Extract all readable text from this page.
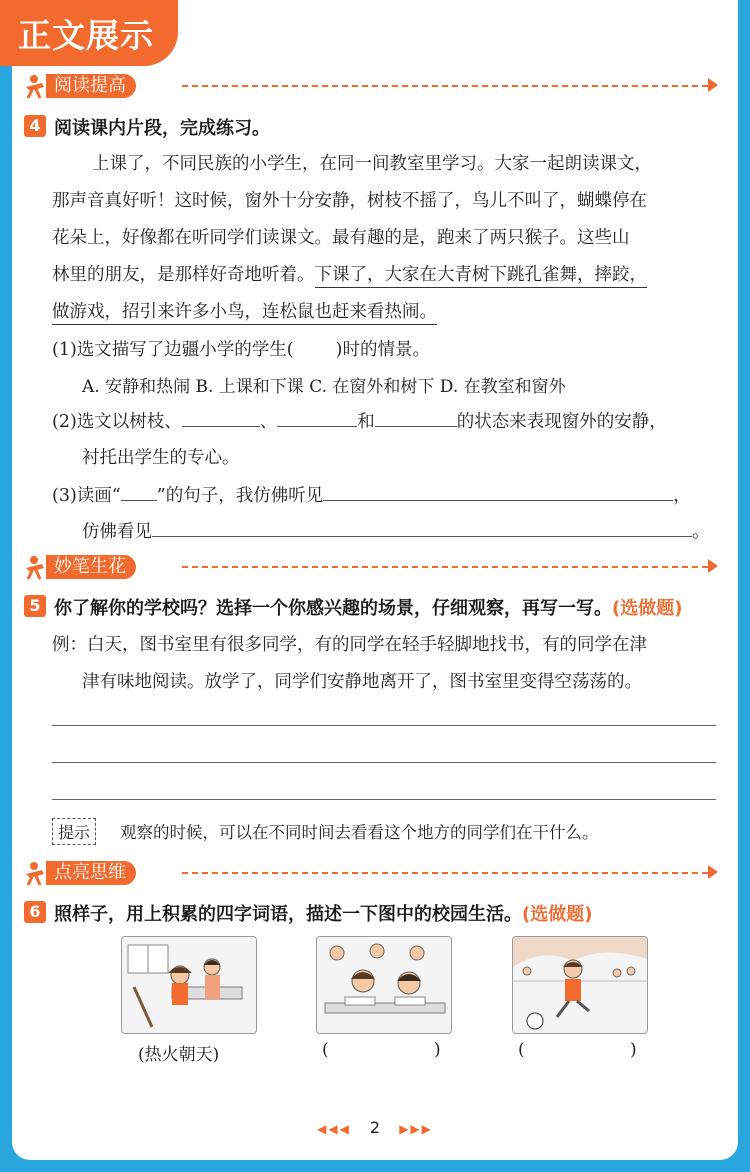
正文展示
阅读提高
4 阅读课内片段，完成练习。
上课了，不同民族的小学生，在同一间教室里学习。大家一起朗读课文，
那声音真好听！这时候，窗外十分安静，树枝不摇了，鸟儿不叫了，蝴蝶停在
花朵上，好像都在听同学们读课文。最有趣的是，跑来了两只猴子。这些山
林里的朋友，是那样好奇地听着。下课了，大家在大青树下跳孔雀舞，摔跤，
做游戏，招引来许多小鸟，连松鼠也赶来看热闹。
(1)选文描写了边疆小学的学生( )时的情景。
A. 安静和热闹 B. 上课和下课 C. 在窗外和树下 D. 在教室和窗外
(2)选文以树枝、	、	和	的状态来表现窗外的安静，
衬托出学生的专心。
(3)读画“ ”的句子，我仿佛听见	，
仿佛看见	。
妙笔生花
5 你了解你的学校吗？选择一个你感兴趣的场景，仔细观察，再写一写。(选做题)
例：白天，图书室里有很多同学，有的同学在轻手轻脚地找书，有的同学在津
津有味地阅读。放学了，同学们安静地离开了，图书室里变得空荡荡的。
提示	观察的时候，可以在不同时间去看看这个地方的同学们在干什么。
点亮思维
6 照样子，用上积累的四字词语，描述一下图中的校园生活。(选做题)
(热火朝天)	(	)	(	)
◀◀◀ 2 ▶▶▶
